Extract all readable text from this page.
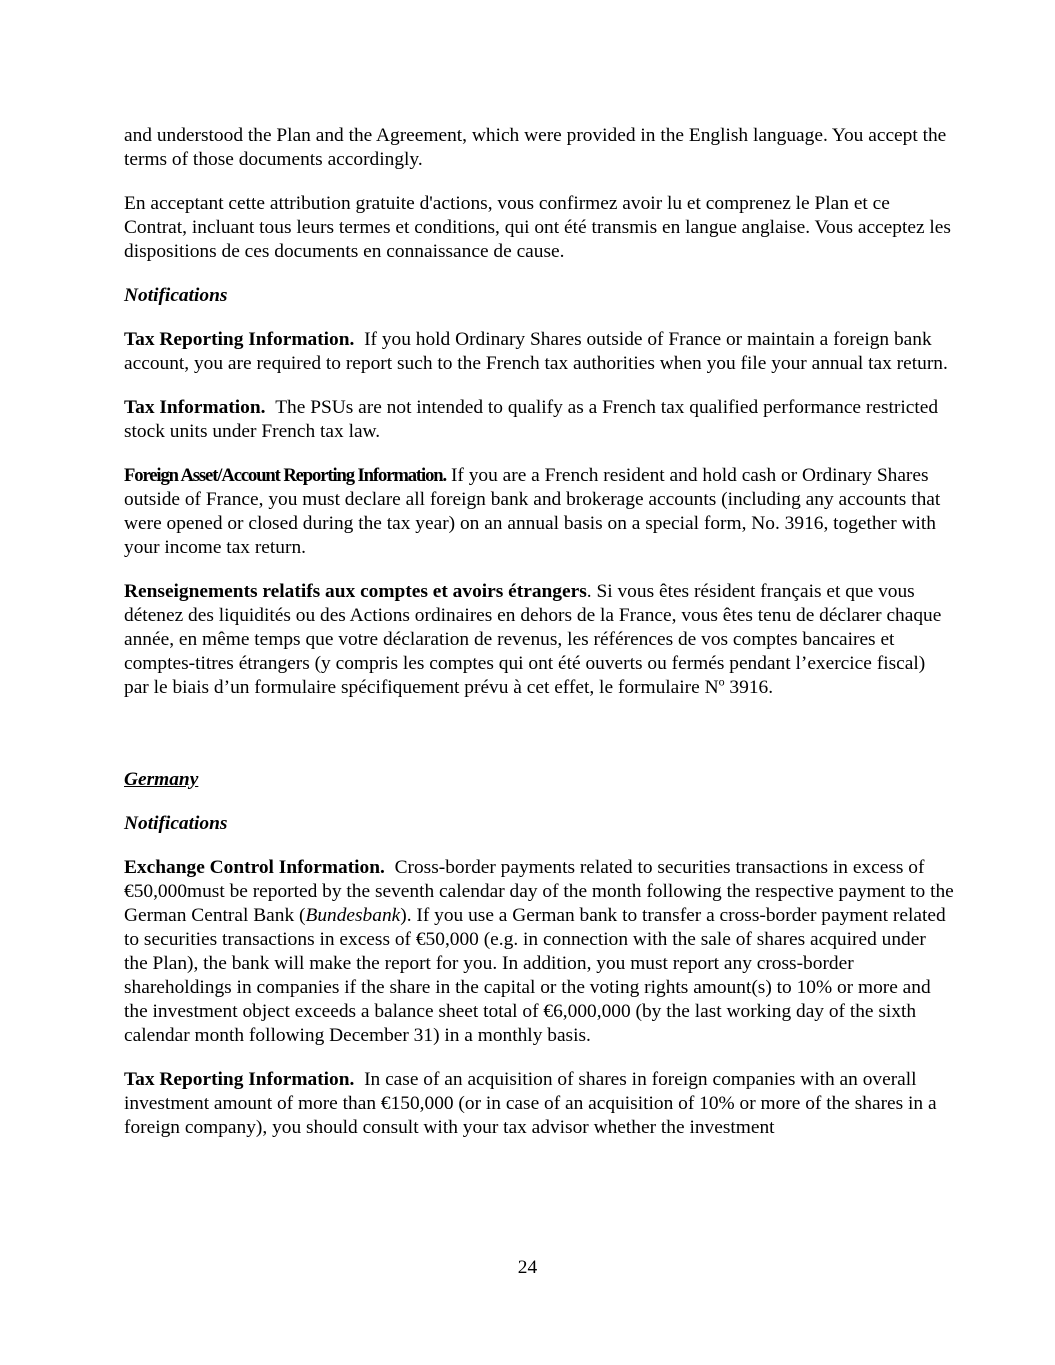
and understood the Plan and the Agreement, which were provided in the English language. You accept the terms of those documents accordingly.

En acceptant cette attribution gratuite d'actions, vous confirmez avoir lu et comprenez le Plan et ce Contrat, incluant tous leurs termes et conditions, qui ont été transmis en langue anglaise. Vous acceptez les dispositions de ces documents en connaissance de cause.

Notifications

Tax Reporting Information. If you hold Ordinary Shares outside of France or maintain a foreign bank account, you are required to report such to the French tax authorities when you file your annual tax return.

Tax Information. The PSUs are not intended to qualify as a French tax qualified performance restricted stock units under French tax law.

Foreign Asset/Account Reporting Information. If you are a French resident and hold cash or Ordinary Shares outside of France, you must declare all foreign bank and brokerage accounts (including any accounts that were opened or closed during the tax year) on an annual basis on a special form, No. 3916, together with your income tax return.

Renseignements relatifs aux comptes et avoirs étrangers. Si vous êtes résident français et que vous détenez des liquidités ou des Actions ordinaires en dehors de la France, vous êtes tenu de déclarer chaque année, en même temps que votre déclaration de revenus, les références de vos comptes bancaires et comptes-titres étrangers (y compris les comptes qui ont été ouverts ou fermés pendant l’exercice fiscal) par le biais d’un formulaire spécifiquement prévu à cet effet, le formulaire $N^o$ 3916.

Germany

Notifications

Exchange Control Information. Cross-border payments related to securities transactions in excess of €50,000must be reported by the seventh calendar day of the month following the respective payment to the German Central Bank (Bundesbank). If you use a German bank to transfer a cross-border payment related to securities transactions in excess of €50,000 (e.g. in connection with the sale of shares acquired under the Plan), the bank will make the report for you. In addition, you must report any cross-border shareholdings in companies if the share in the capital or the voting rights amount(s) to 10% or more and the investment object exceeds a balance sheet total of €6,000,000 (by the last working day of the sixth calendar month following December 31) in a monthly basis.

Tax Reporting Information. In case of an acquisition of shares in foreign companies with an overall investment amount of more than €150,000 (or in case of an acquisition of 10% or more of the shares in a foreign company), you should consult with your tax advisor whether the investment

24
